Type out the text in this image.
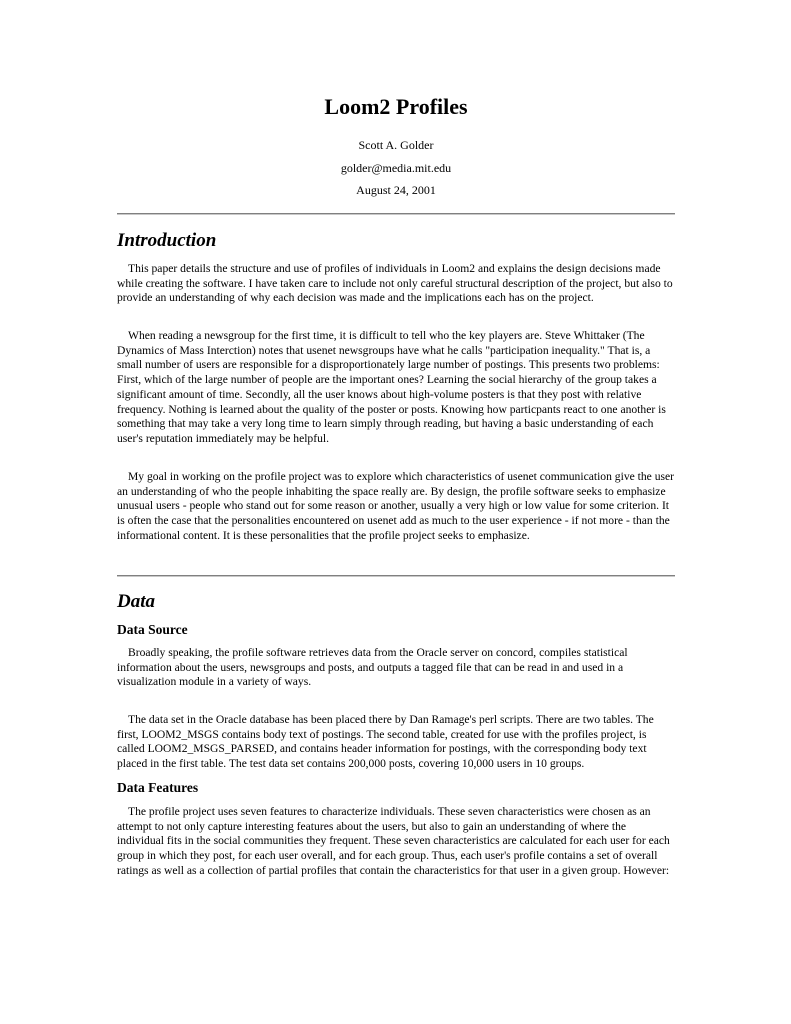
Loom2 Profiles
Scott A. Golder
golder@media.mit.edu
August 24, 2001
Introduction

This paper details the structure and use of profiles of individuals in Loom2 and explains the design decisions made while creating the software. I have taken care to include not only careful structural description of the project, but also to provide an understanding of why each decision was made and the implications each has on the project.

When reading a newsgroup for the first time, it is difficult to tell who the key players are. Steve Whittaker (The Dynamics of Mass Interction) notes that usenet newsgroups have what he calls "participation inequality." That is, a small number of users are responsible for a disproportionately large number of postings. This presents two problems: First, which of the large number of people are the important ones? Learning the social hierarchy of the group takes a significant amount of time. Secondly, all the user knows about high-volume posters is that they post with relative frequency. Nothing is learned about the quality of the poster or posts. Knowing how particpants react to one another is something that may take a very long time to learn simply through reading, but having a basic understanding of each user's reputation immediately may be helpful.

My goal in working on the profile project was to explore which characteristics of usenet communication give the user an understanding of who the people inhabiting the space really are. By design, the profile software seeks to emphasize unusual users - people who stand out for some reason or another, usually a very high or low value for some criterion. It is often the case that the personalities encountered on usenet add as much to the user experience - if not more - than the informational content. It is these personalities that the profile project seeks to emphasize.

Data
Data Source

Broadly speaking, the profile software retrieves data from the Oracle server on concord, compiles statistical information about the users, newsgroups and posts, and outputs a tagged file that can be read in and used in a visualization module in a variety of ways.

The data set in the Oracle database has been placed there by Dan Ramage's perl scripts. There are two tables. The first, LOOM2_MSGS contains body text of postings. The second table, created for use with the profiles project, is called LOOM2_MSGS_PARSED, and contains header information for postings, with the corresponding body text placed in the first table. The test data set contains 200,000 posts, covering 10,000 users in 10 groups.

Data Features

The profile project uses seven features to characterize individuals. These seven characteristics were chosen as an attempt to not only capture interesting features about the users, but also to gain an understanding of where the individual fits in the social communities they frequent. These seven characteristics are calculated for each user for each group in which they post, for each user overall, and for each group. Thus, each user's profile contains a set of overall ratings as well as a collection of partial profiles that contain the characteristics for that user in a given group. However:
